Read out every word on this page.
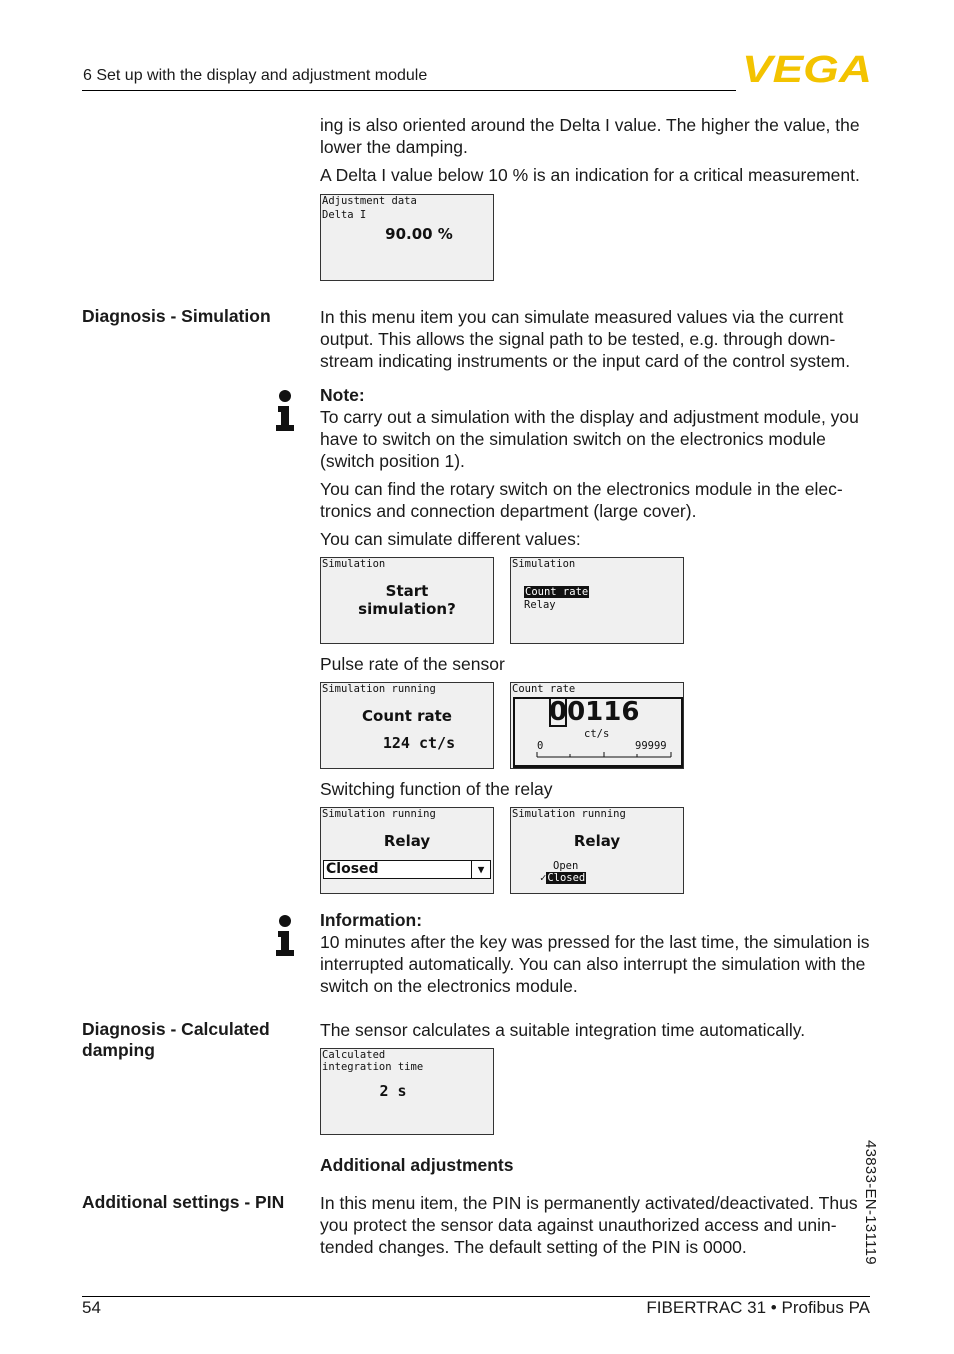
6 Set up with the display and adjustment module	VEGA
ing is also oriented around the Delta I value. The higher the value, the lower the damping.
A Delta I value below 10 % is an indication for a critical measurement.
Adjustment data
Delta I
90.00 %
Diagnosis - Simulation	In this menu item you can simulate measured values via the current output. This allows the signal path to be tested, e.g. through down-stream indicating instruments or the input card of the control system.
Note:
To carry out a simulation with the display and adjustment module, you have to switch on the simulation switch on the electronics module (switch position 1).
You can find the rotary switch on the electronics module in the elec-tronics and connection department (large cover).
You can simulate different values:
Simulation
Start
simulation?
Simulation
Count rate
Relay
Pulse rate of the sensor
Simulation running
Count rate
124 ct/s
Count rate
00116
ct/s
0	99999
Switching function of the relay
Simulation running
Relay
Closed	▼
Simulation running
Relay
Open
✓Closed
Information:
10 minutes after the key was pressed for the last time, the simulation is interrupted automatically. You can also interrupt the simulation with the switch on the electronics module.
Diagnosis - Calculated damping
The sensor calculates a suitable integration time automatically.
Calculated
integration time
2 s
Additional adjustments
Additional settings - PIN	In this menu item, the PIN is permanently activated/deactivated. Thus you protect the sensor data against unauthorized access and unin-tended changes. The default setting of the PIN is 0000.	43833-EN-131119
54	FIBERTRAC 31 • Profibus PA
